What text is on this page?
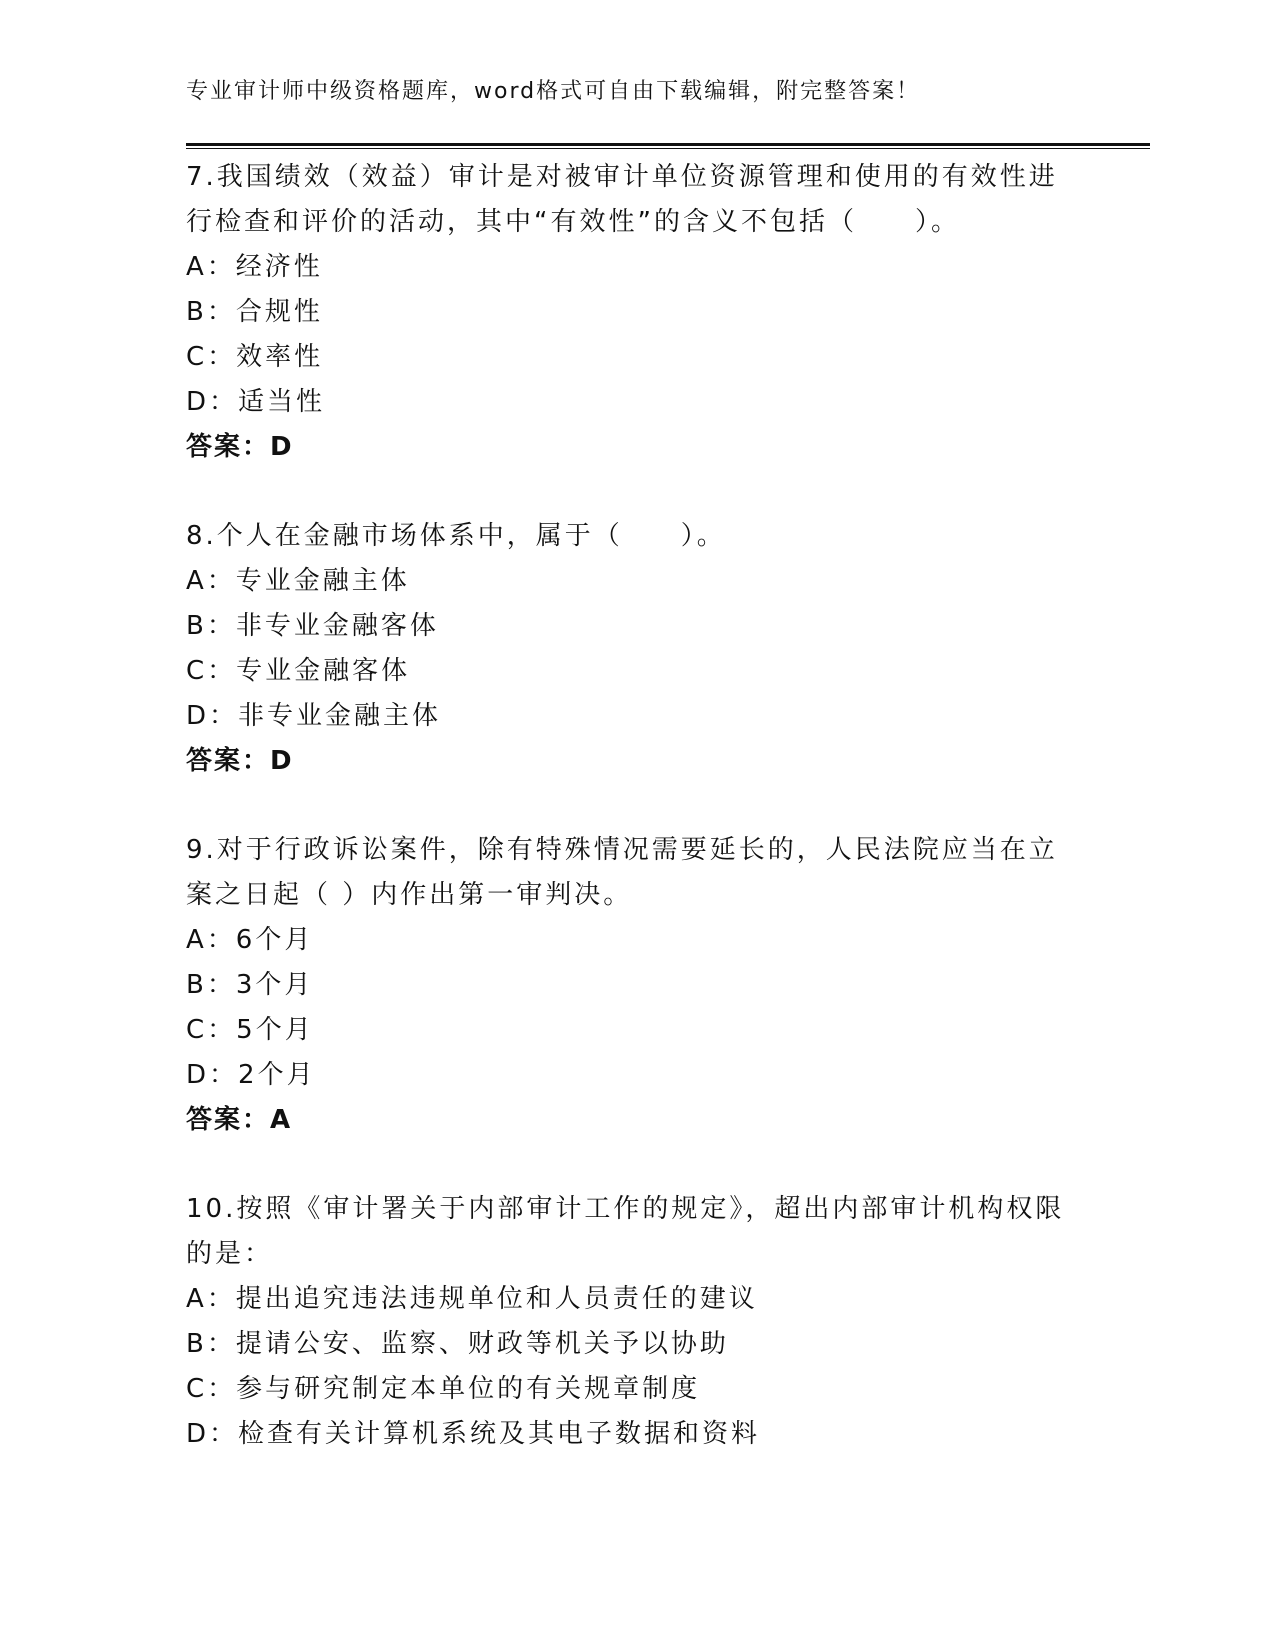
专业审计师中级资格题库，word格式可自由下载编辑，附完整答案！
7.我国绩效（效益）审计是对被审计单位资源管理和使用的有效性进行检查和评价的活动，其中“有效性”的含义不包括（　　）。
A：经济性
B：合规性
C：效率性
D：适当性
答案：D
8.个人在金融市场体系中，属于（　　）。
A：专业金融主体
B：非专业金融客体
C：专业金融客体
D：非专业金融主体
答案：D
9.对于行政诉讼案件，除有特殊情况需要延长的，人民法院应当在立案之日起（ ）内作出第一审判决。
A：6个月
B：3个月
C：5个月
D：2个月
答案：A
10.按照《审计署关于内部审计工作的规定》，超出内部审计机构权限的是：
A：提出追究违法违规单位和人员责任的建议
B：提请公安、监察、财政等机关予以协助
C：参与研究制定本单位的有关规章制度
D：检查有关计算机系统及其电子数据和资料
